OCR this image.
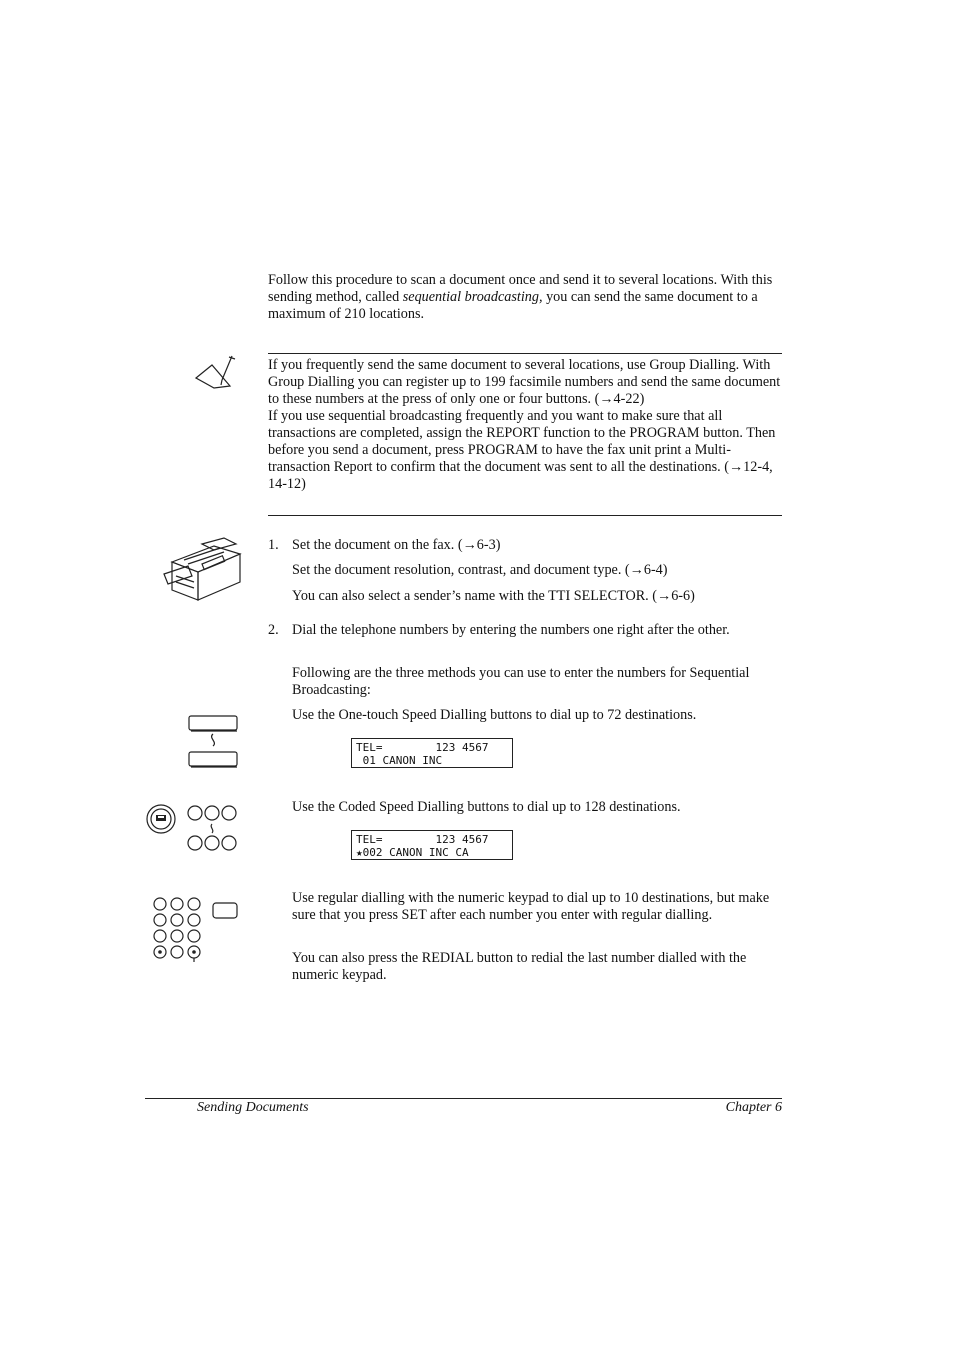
Follow this procedure to scan a document once and send it to several locations. With this sending method, called sequential broadcasting, you can send the same document to a maximum of 210 locations.
If you frequently send the same document to several locations, use Group Dialling. With Group Dialling you can register up to 199 facsimile numbers and send the same document to these numbers at the press of only one or four buttons. (→4-22)
If you use sequential broadcasting frequently and you want to make sure that all transactions are completed, assign the REPORT function to the PROGRAM button. Then before you send a document, press PROGRAM to have the fax unit print a Multi-transaction Report to confirm that the document was sent to all the destinations. (→12-4, 14-12)
1. Set the document on the fax. (→6-3)
Set the document resolution, contrast, and document type. (→6-4)
You can also select a sender’s name with the TTI SELECTOR. (→6-6)
2. Dial the telephone numbers by entering the numbers one right after the other.
Following are the three methods you can use to enter the numbers for Sequential Broadcasting:
Use the One-touch Speed Dialling buttons to dial up to 72 destinations.
TEL=        123 4567
01 CANON INC
Use the Coded Speed Dialling buttons to dial up to 128 destinations.
TEL=        123 4567
★002 CANON INC CA
Use regular dialling with the numeric keypad to dial up to 10 destinations, but make sure that you press SET after each number you enter with regular dialling.
You can also press the REDIAL button to redial the last number dialled with the numeric keypad.
Sending Documents	Chapter 6
